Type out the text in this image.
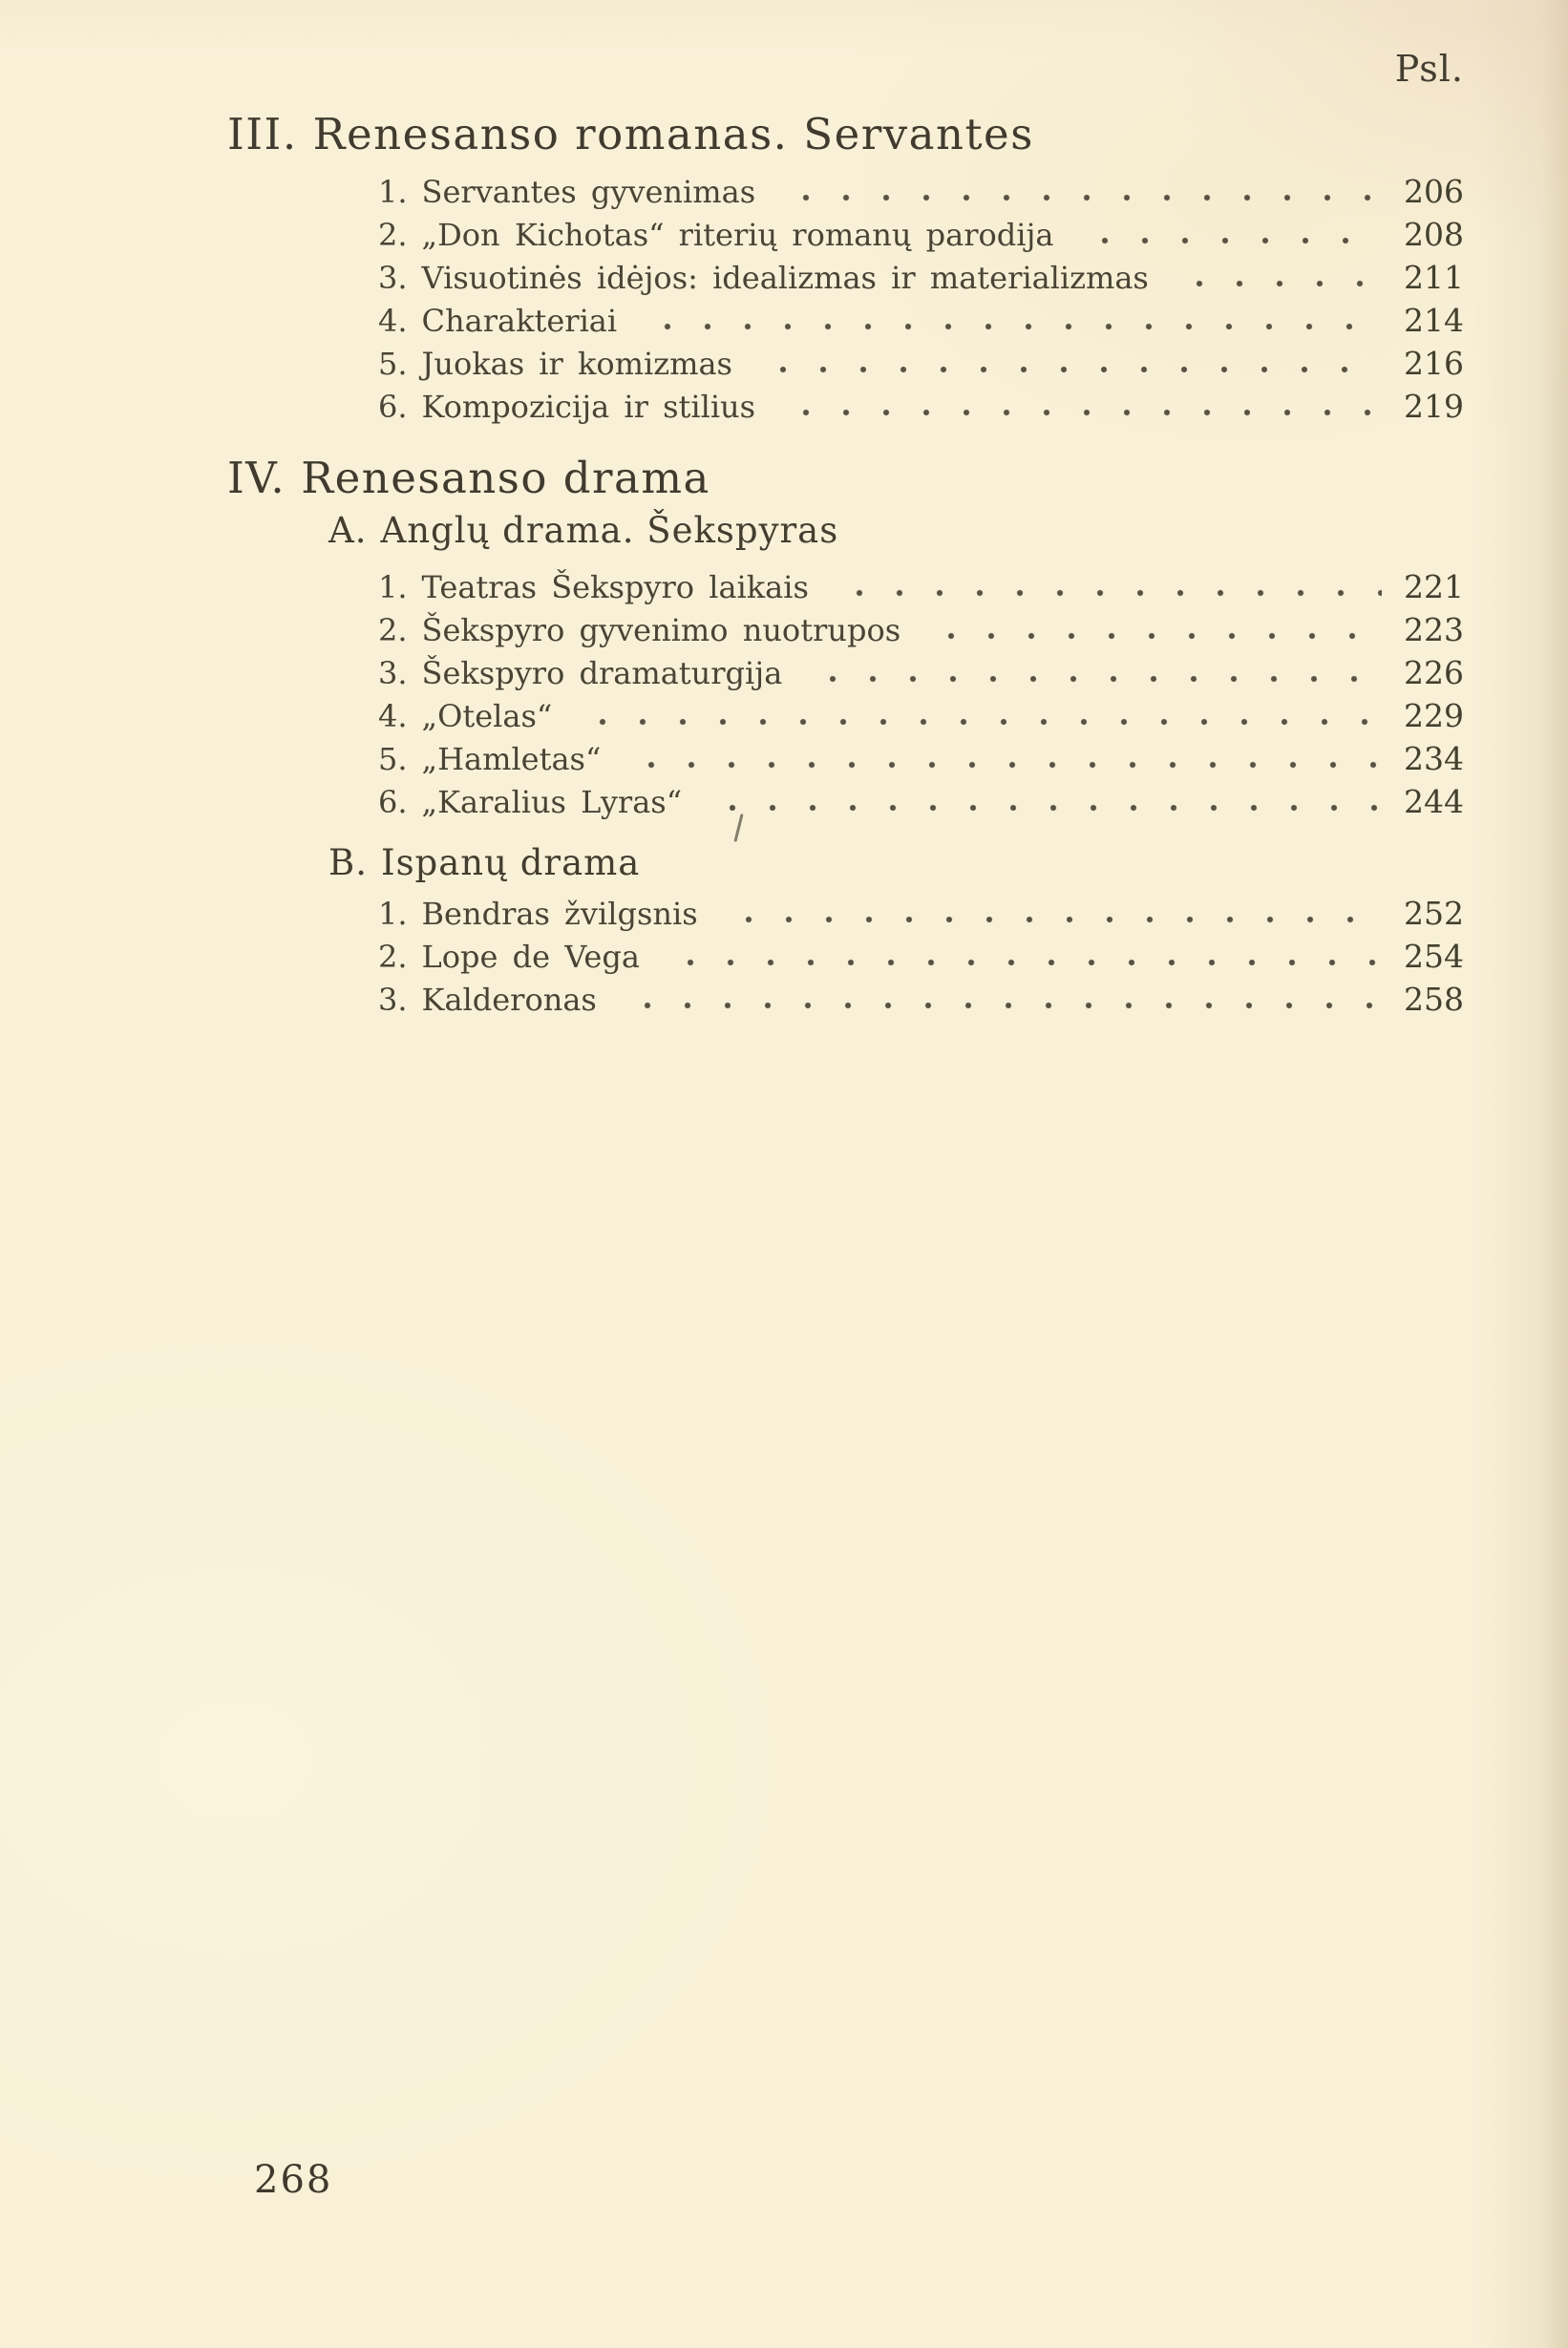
Psl.
III. Renesanso romanas. Servantes
1. Servantes gyvenimas	206
2. „Don Kichotas“ riterių romanų parodija	208
3. Visuotinės idėjos: idealizmas ir materializmas	211
4. Charakteriai	214
5. Juokas ir komizmas	216
6. Kompozicija ir stilius	219
IV. Renesanso drama
A. Anglų drama. Šekspyras
1. Teatras Šekspyro laikais	221
2. Šekspyro gyvenimo nuotrupos	223
3. Šekspyro dramaturgija	226
4. „Otelas“	229
5. „Hamletas“	234
6. „Karalius Lyras“	244
B. Ispanų drama
1. Bendras žvilgsnis	252
2. Lope de Vega	254
3. Kalderonas	258
268
